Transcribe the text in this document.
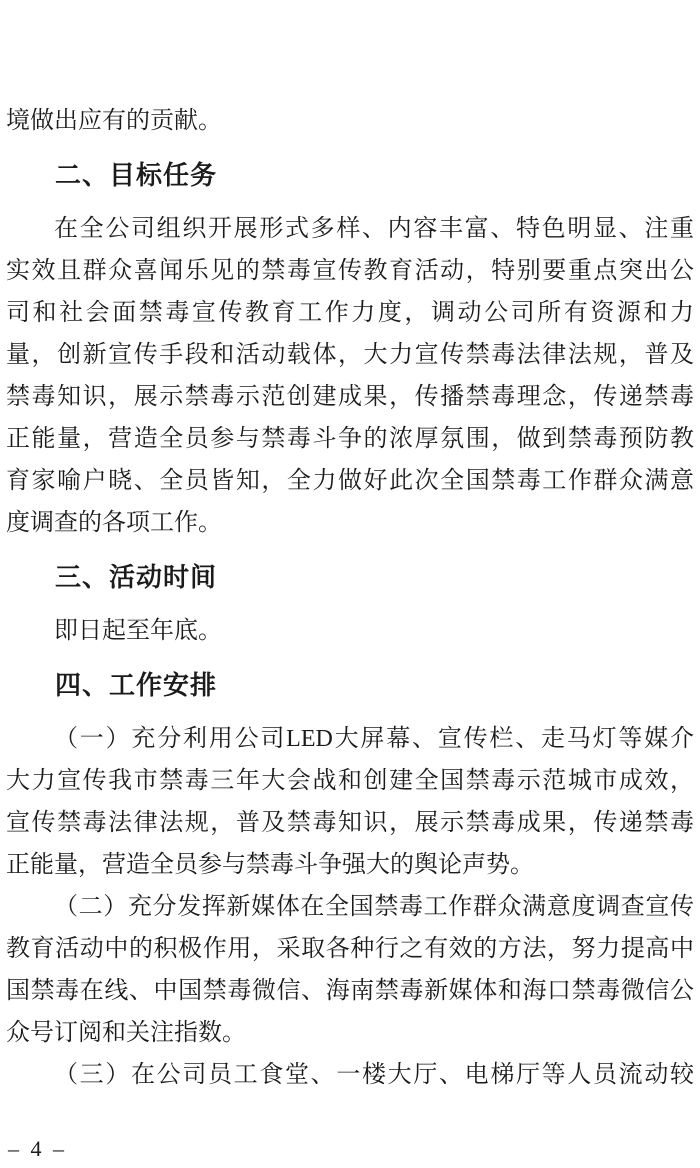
境做出应有的贡献。
二、目标任务
在全公司组织开展形式多样、内容丰富、特色明显、注重
实效且群众喜闻乐见的禁毒宣传教育活动，特别要重点突出公
司和社会面禁毒宣传教育工作力度，调动公司所有资源和力
量，创新宣传手段和活动载体，大力宣传禁毒法律法规，普及
禁毒知识，展示禁毒示范创建成果，传播禁毒理念，传递禁毒
正能量，营造全员参与禁毒斗争的浓厚氛围，做到禁毒预防教
育家喻户晓、全员皆知，全力做好此次全国禁毒工作群众满意
度调查的各项工作。
三、活动时间
即日起至年底。
四、工作安排
（一）充分利用公司LED大屏幕、宣传栏、走马灯等媒介
大力宣传我市禁毒三年大会战和创建全国禁毒示范城市成效，
宣传禁毒法律法规，普及禁毒知识，展示禁毒成果，传递禁毒
正能量，营造全员参与禁毒斗争强大的舆论声势。
（二）充分发挥新媒体在全国禁毒工作群众满意度调查宣传
教育活动中的积极作用，采取各种行之有效的方法，努力提高中
国禁毒在线、中国禁毒微信、海南禁毒新媒体和海口禁毒微信公
众号订阅和关注指数。
（三）在公司员工食堂、一楼大厅、电梯厅等人员流动较
– 4 –
